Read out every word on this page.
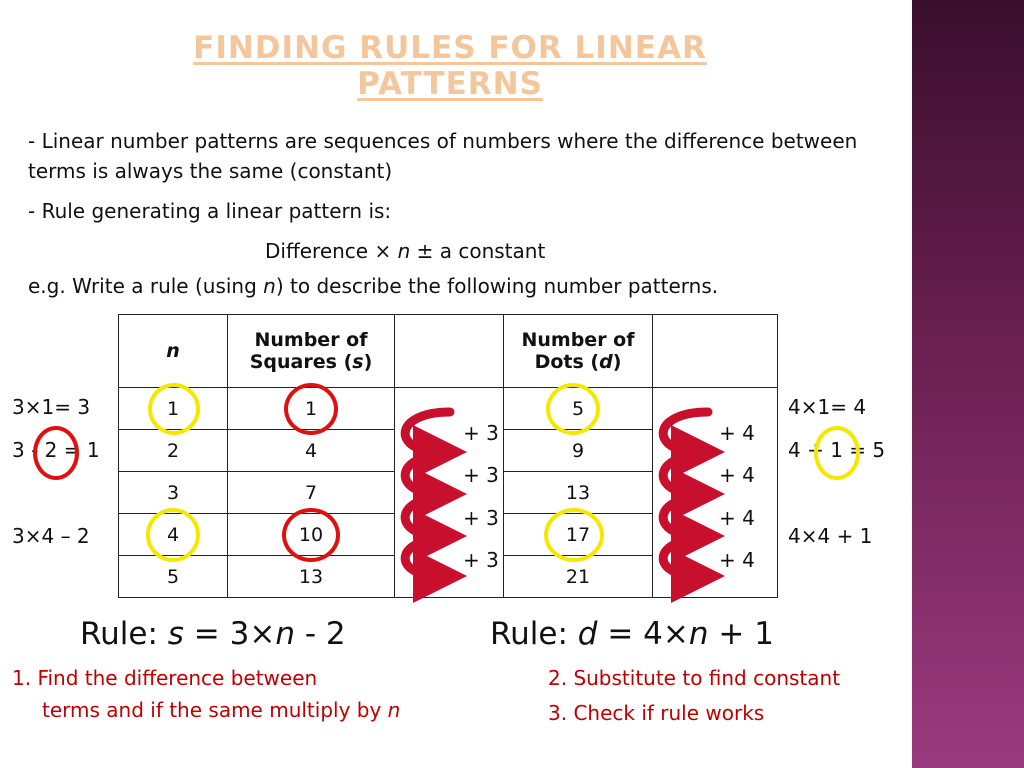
FINDING RULES FOR LINEAR PATTERNS
- Linear number patterns are sequences of numbers where the difference between terms is always the same (constant)
- Rule generating a linear pattern is:
Difference × n ± a constant
e.g. Write a rule (using n) to describe the following number patterns.
n	Number of
Squares (s)		Number of
Dots (d)	
1	1		5	
2	4		9	
3	7		13	
4	10		17	
5	13		21	
+ 3
+ 3
+ 3
+ 3
+ 4
+ 4
+ 4
+ 4
3×1= 3
3 - 2 = 1
3×4 – 2
4×1= 4
4 + 1 = 5
4×4 + 1
Rule: s = 3×n - 2	Rule: d = 4×n + 1
1. Find the difference between
terms and if the same multiply by n
2. Substitute to find constant
3. Check if rule works
